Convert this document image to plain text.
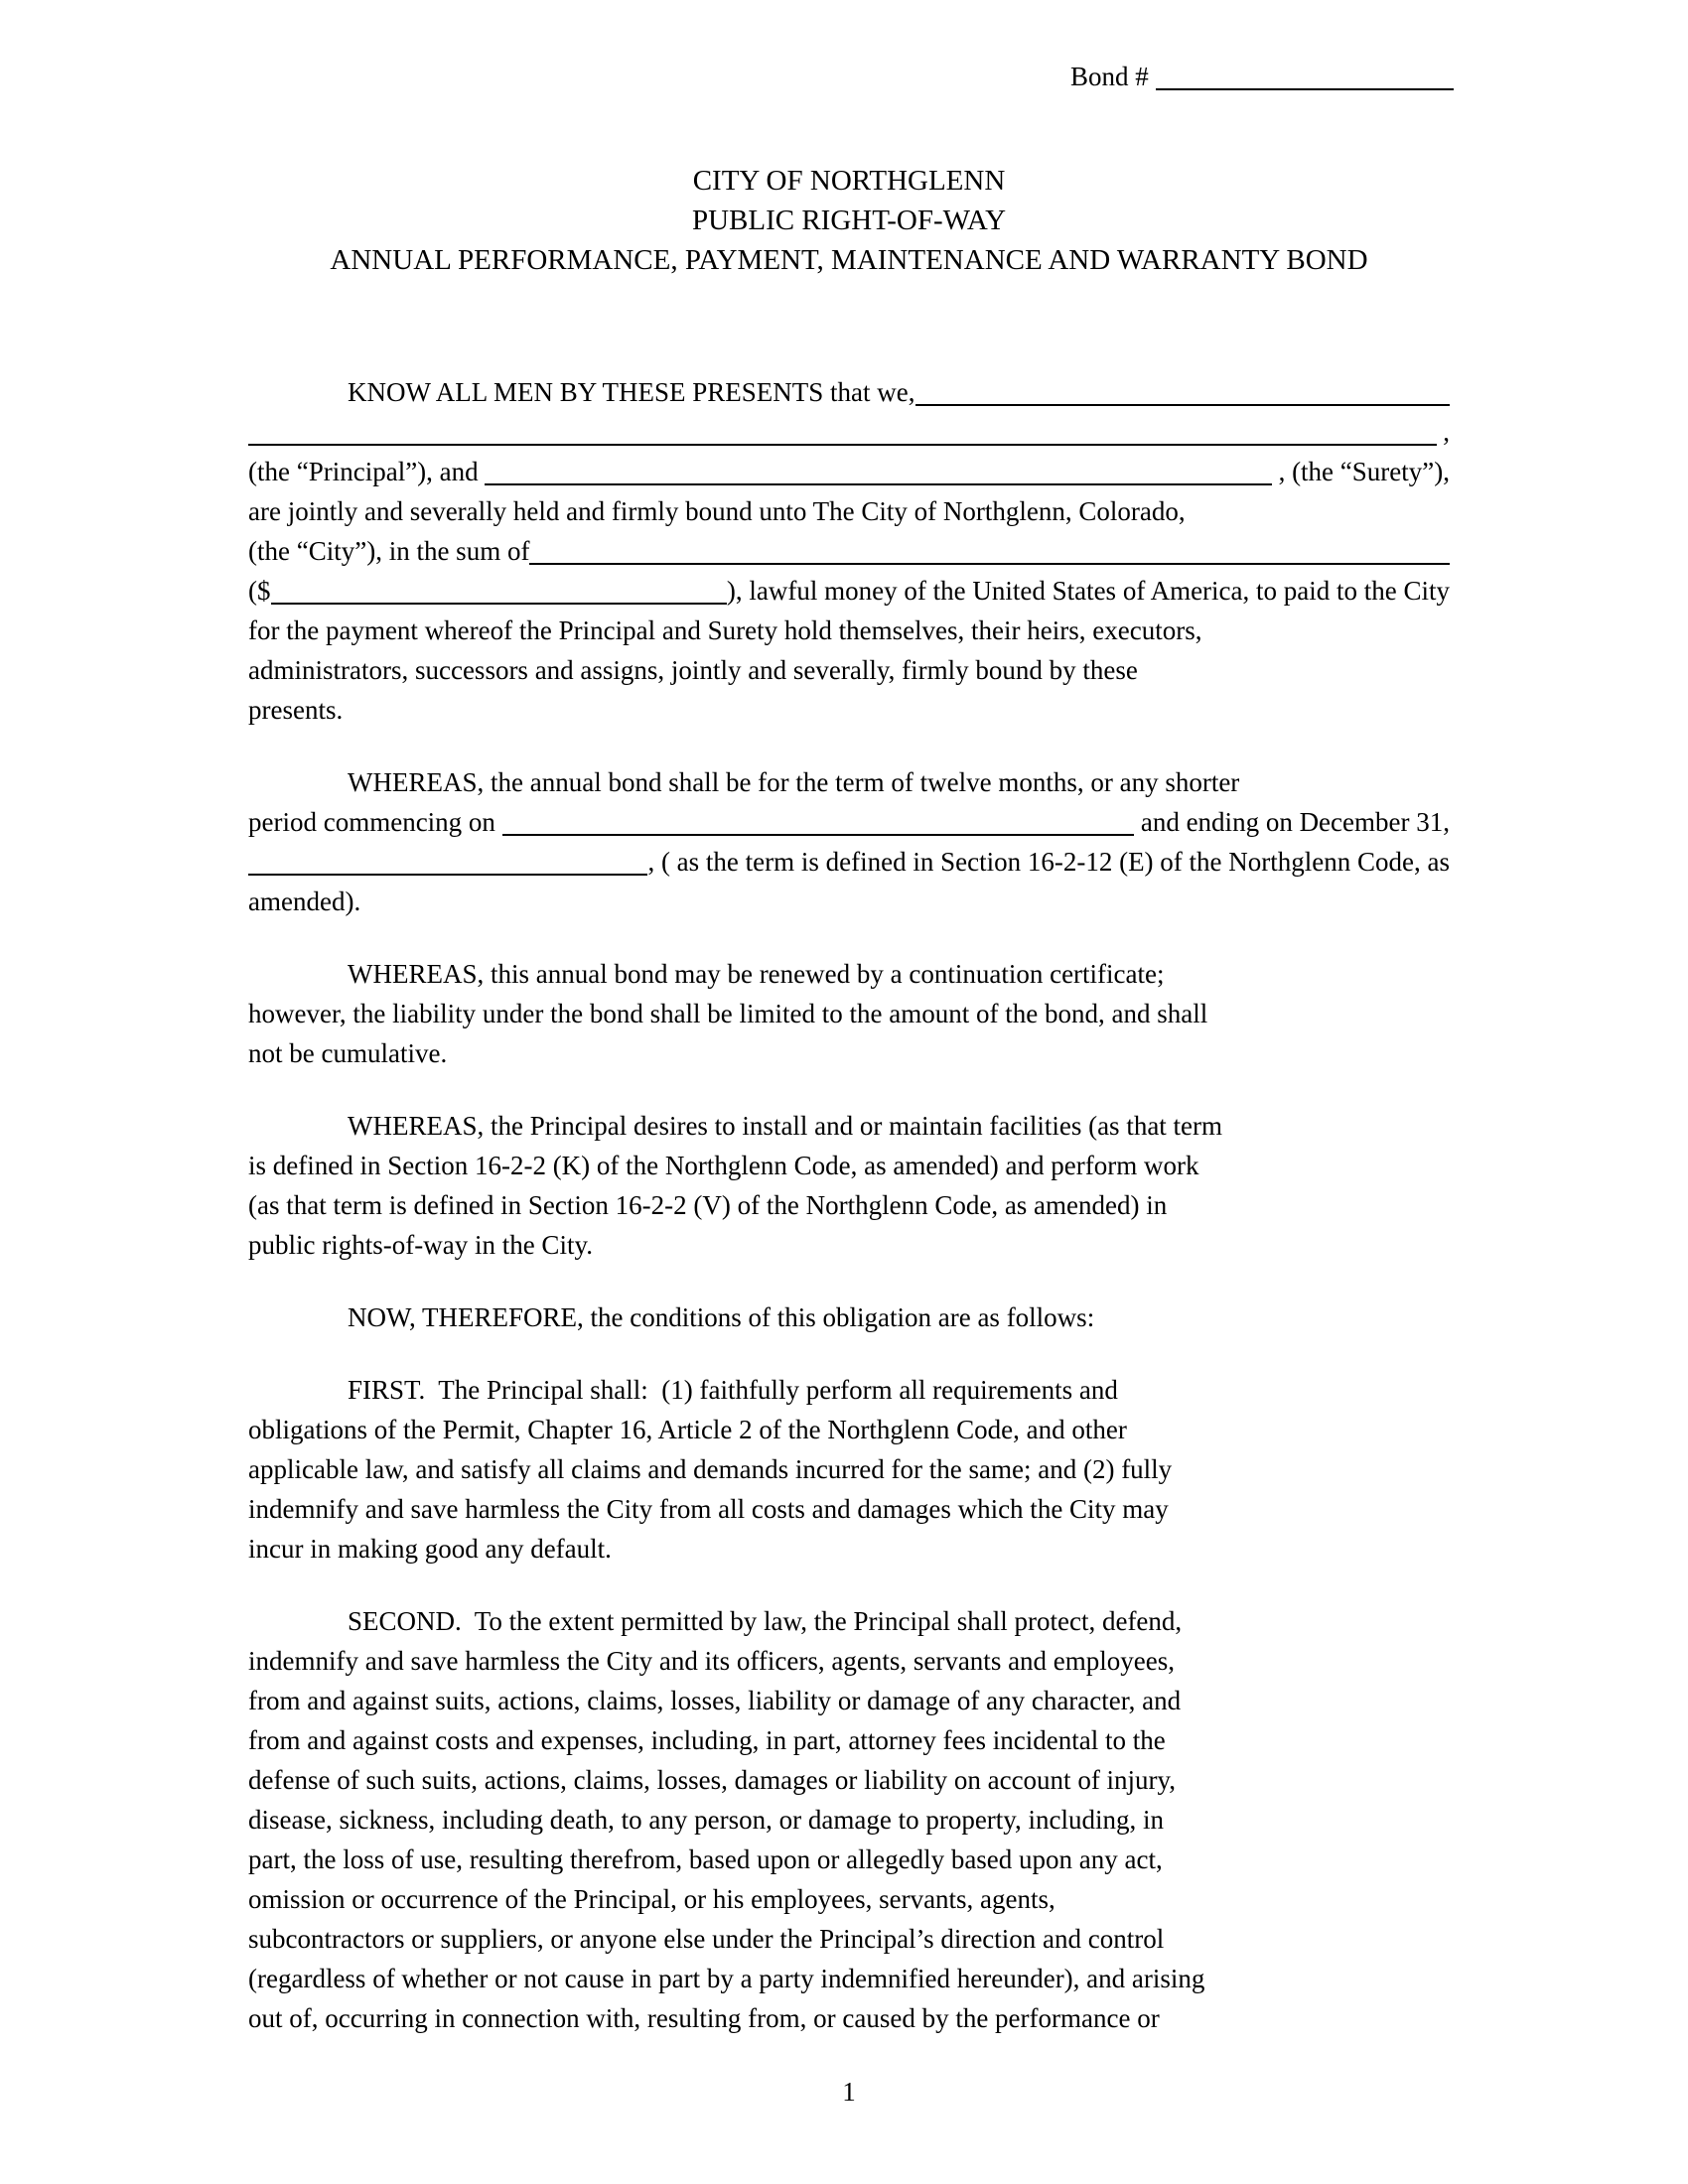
Bond #

CITY OF NORTHGLENN
PUBLIC RIGHT-OF-WAY
ANNUAL PERFORMANCE, PAYMENT, MAINTENANCE AND WARRANTY BOND
KNOW ALL MEN BY THESE PRESENTS that we,
,
(the “Principal”), and	, (the “Surety”),
are jointly and severally held and firmly bound unto The City of Northglenn, Colorado,
(the “City”), in the sum of
($	), lawful money of the United States of America, to paid to the City
for the payment whereof the Principal and Surety hold themselves, their heirs, executors,
administrators, successors and assigns, jointly and severally, firmly bound by these
presents.
WHEREAS, the annual bond shall be for the term of twelve months, or any shorter
period commencing on	and ending on December 31,
, ( as the term is defined in Section 16-2-12 (E) of the Northglenn Code, as
amended).
WHEREAS, this annual bond may be renewed by a continuation certificate;
however, the liability under the bond shall be limited to the amount of the bond, and shall
not be cumulative.
WHEREAS, the Principal desires to install and or maintain facilities (as that term
is defined in Section 16-2-2 (K) of the Northglenn Code, as amended) and perform work
(as that term is defined in Section 16-2-2 (V) of the Northglenn Code, as amended) in
public rights-of-way in the City.
NOW, THEREFORE, the conditions of this obligation are as follows:
FIRST.  The Principal shall:  (1) faithfully perform all requirements and
obligations of the Permit, Chapter 16, Article 2 of the Northglenn Code, and other
applicable law, and satisfy all claims and demands incurred for the same; and (2) fully
indemnify and save harmless the City from all costs and damages which the City may
incur in making good any default.
SECOND.  To the extent permitted by law, the Principal shall protect, defend,
indemnify and save harmless the City and its officers, agents, servants and employees,
from and against suits, actions, claims, losses, liability or damage of any character, and
from and against costs and expenses, including, in part, attorney fees incidental to the
defense of such suits, actions, claims, losses, damages or liability on account of injury,
disease, sickness, including death, to any person, or damage to property, including, in
part, the loss of use, resulting therefrom, based upon or allegedly based upon any act,
omission or occurrence of the Principal, or his employees, servants, agents,
subcontractors or suppliers, or anyone else under the Principal’s direction and control
(regardless of whether or not cause in part by a party indemnified hereunder), and arising
out of, occurring in connection with, resulting from, or caused by the performance or
1
